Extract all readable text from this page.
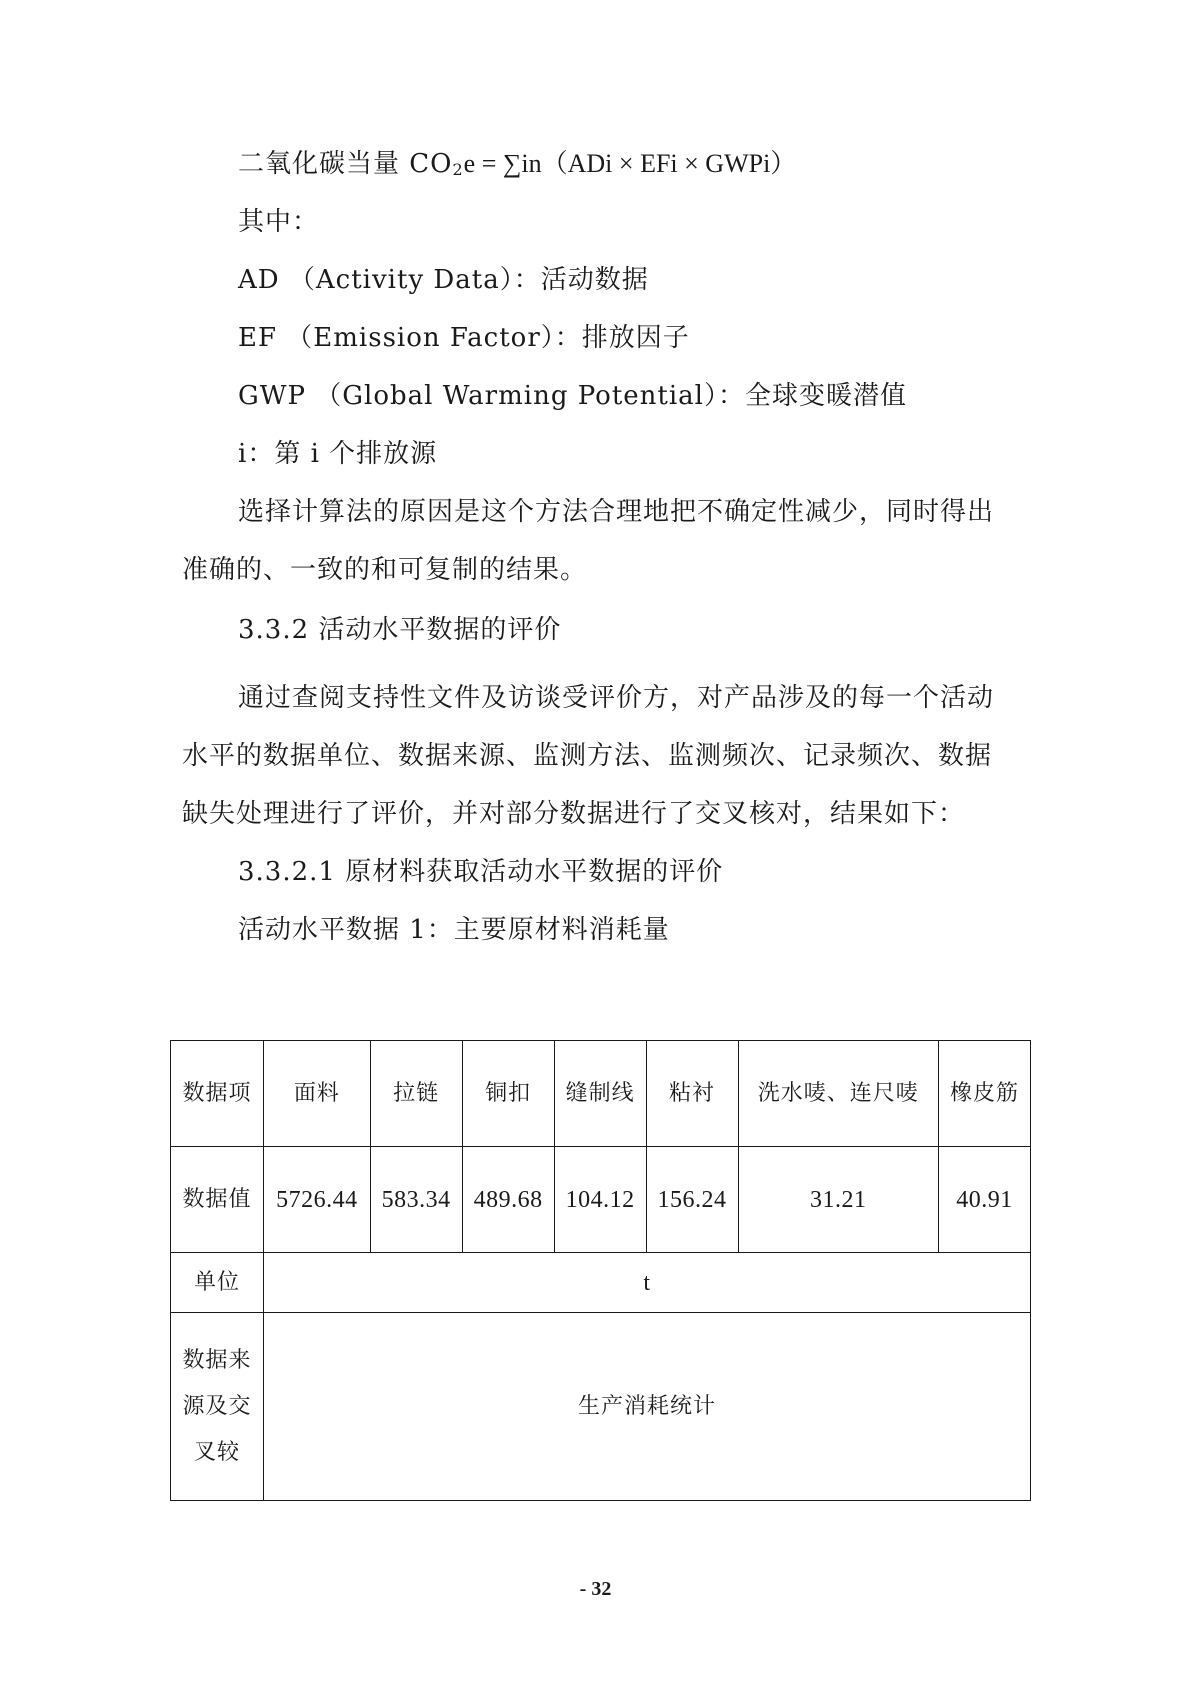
二氧化碳当量 $CO_2e = \sum in(ADi$ × EFi × GWPi）
其中：
AD （Activity Data）：活动数据
EF （Emission Factor）：排放因子
GWP （Global Warming Potential）：全球变暖潜值
i：第 i 个排放源
选择计算法的原因是这个方法合理地把不确定性减少，同时得出
准确的、一致的和可复制的结果。
3.3.2 活动水平数据的评价
通过查阅支持性文件及访谈受评价方，对产品涉及的每一个活动
水平的数据单位、数据来源、监测方法、监测频次、记录频次、数据
缺失处理进行了评价，并对部分数据进行了交叉核对，结果如下：
3.3.2.1 原材料获取活动水平数据的评价
活动水平数据 1：主要原材料消耗量
数据项	面料	拉链	铜扣	缝制线	粘衬	洗水唛、连尺唛	橡皮筋
数据值	5726.44	583.34	489.68	104.12	156.24	31.21	40.91
单位	t						
数据来源及交叉较	生产消耗统计						
- 32
